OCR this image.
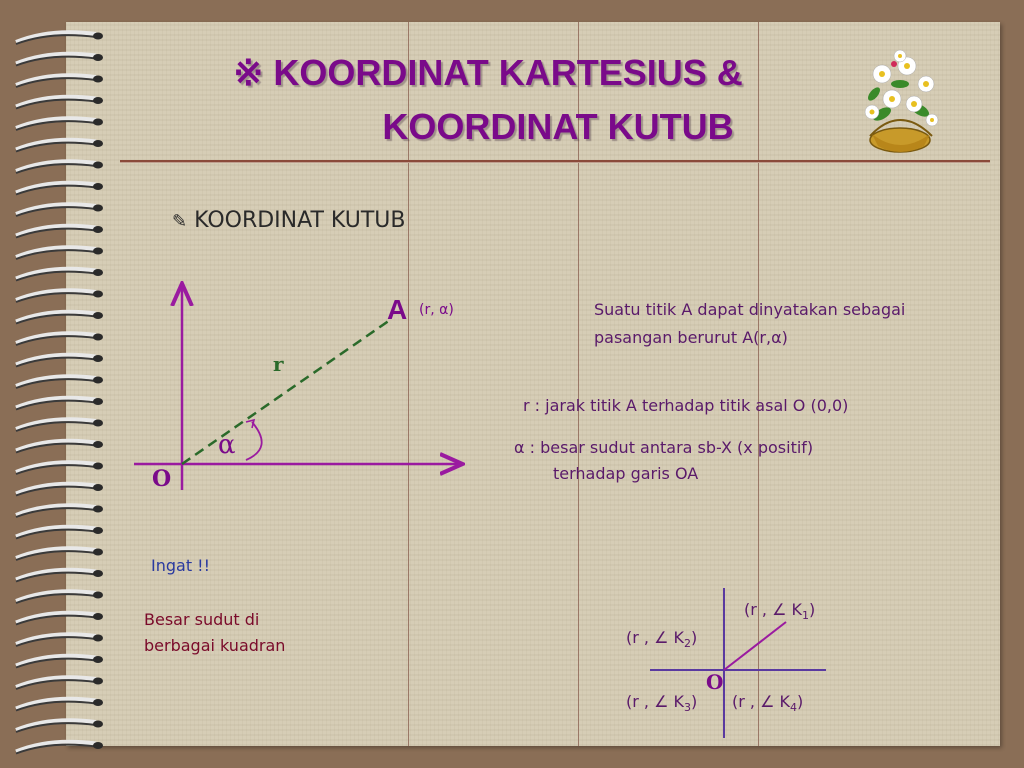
※ KOORDINAT KARTESIUS &
KOORDINAT KUTUB
✎ KOORDINAT KUTUB
A (r, α)
r
α
O
Suatu titik A dapat dinyatakan sebagai
pasangan berurut A(r,α)
r : jarak titik A terhadap titik asal O (0,0)
α : besar sudut antara sb-X (x positif)
terhadap garis OA
Ingat !!
Besar sudut di
berbagai kuadran
O
(r , ∠ $K_1$)
(r , ∠ $K_2$)
(r , ∠ $K_3$) (r , ∠ $K_4$)
